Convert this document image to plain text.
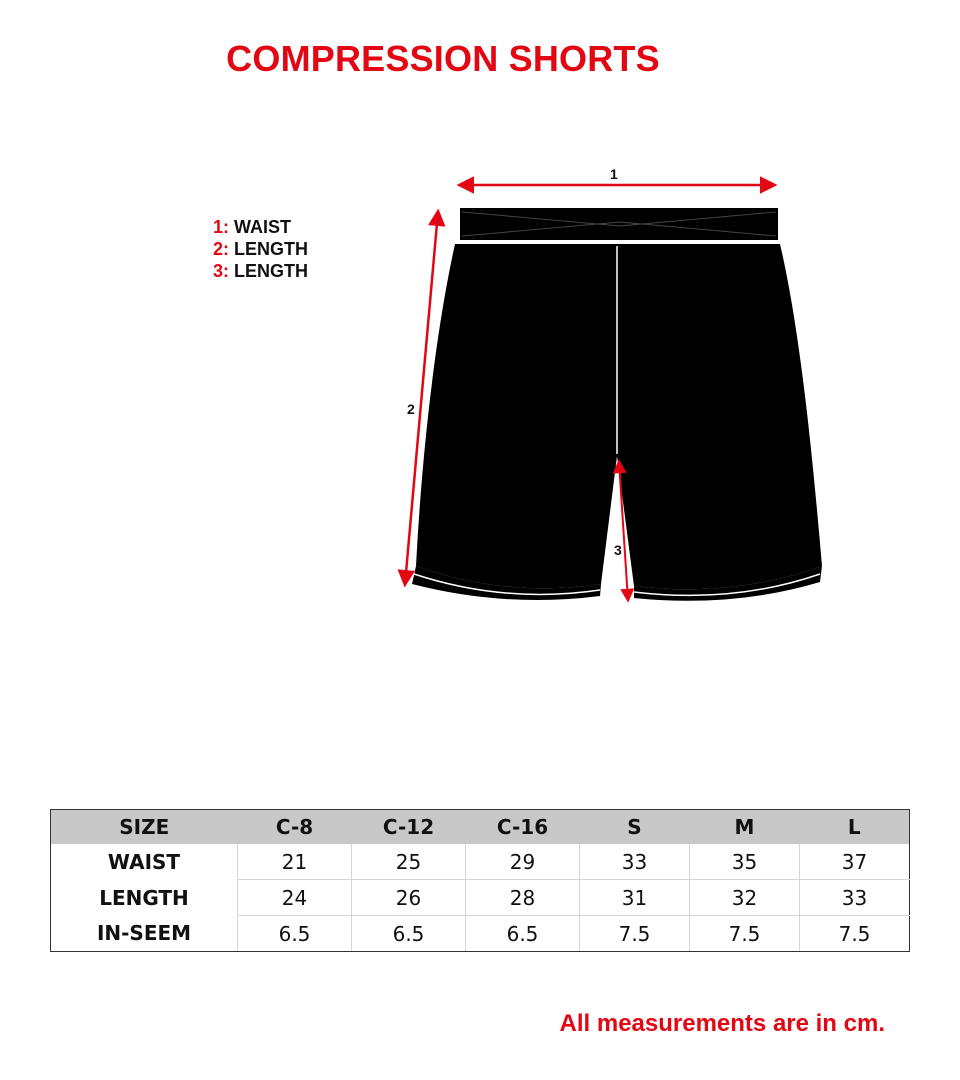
COMPRESSION SHORTS
1: WAIST
2: LENGTH
3: LENGTH
1
2
3
SIZE	C-8	C-12	C-16	S	M	L
WAIST	21	25	29	33	35	37
LENGTH	24	26	28	31	32	33
IN-SEEM	6.5	6.5	6.5	7.5	7.5	7.5
All measurements are in cm.
